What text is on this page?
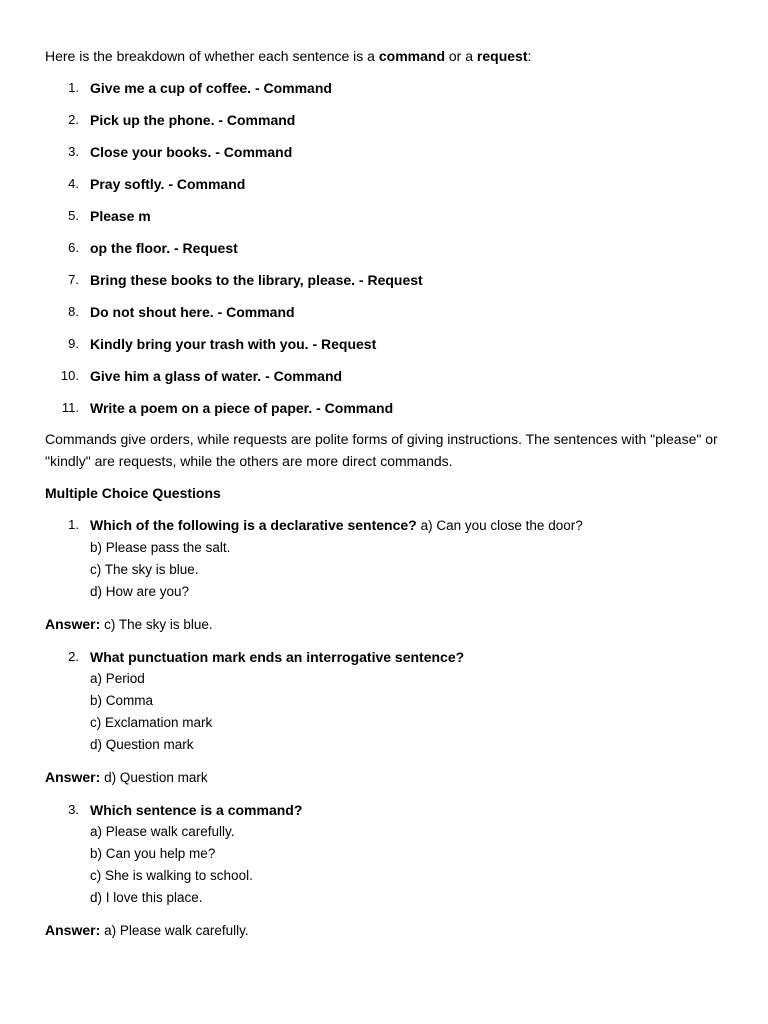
Here is the breakdown of whether each sentence is a command or a request:

1. Give me a cup of coffee. - Command
2. Pick up the phone. - Command
3. Close your books. - Command
4. Pray softly. - Command
5. Please m
6. op the floor. - Request
7. Bring these books to the library, please. - Request
8. Do not shout here. - Command
9. Kindly bring your trash with you. - Request
10. Give him a glass of water. - Command
11. Write a poem on a piece of paper. - Command

Commands give orders, while requests are polite forms of giving instructions. The sentences with "please" or "kindly" are requests, while the others are more direct commands.

Multiple Choice Questions

1. Which of the following is a declarative sentence? a) Can you close the door?
b) Please pass the salt.
c) The sky is blue.
d) How are you?

Answer: c) The sky is blue.

2. What punctuation mark ends an interrogative sentence?
a) Period
b) Comma
c) Exclamation mark
d) Question mark

Answer: d) Question mark

3. Which sentence is a command?
a) Please walk carefully.
b) Can you help me?
c) She is walking to school.
d) I love this place.

Answer: a) Please walk carefully.
